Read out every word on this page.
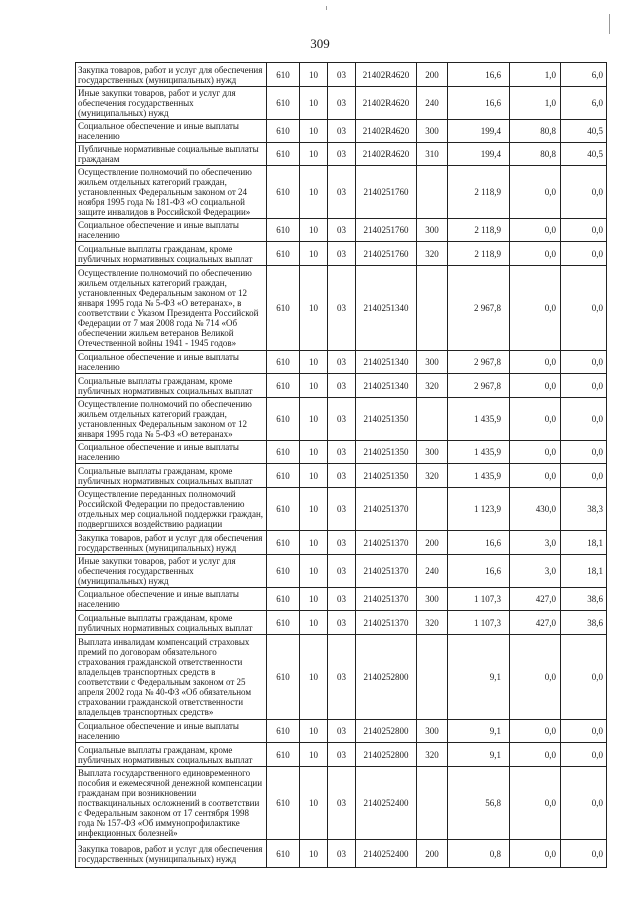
309
Закупка товаров, работ и услуг для обеспечения государственных (муниципальных) нужд	610	10	03	21402R4620	200	16,6	1,0	6,0
Иные закупки товаров, работ и услуг для обеспечения государственных (муниципальных) нужд	610	10	03	21402R4620	240	16,6	1,0	6,0
Социальное обеспечение и иные выплаты населению	610	10	03	21402R4620	300	199,4	80,8	40,5
Публичные нормативные социальные выплаты гражданам	610	10	03	21402R4620	310	199,4	80,8	40,5
Осуществление полномочий по обеспечению жильем отдельных категорий граждан, установленных Федеральным законом от 24 ноября 1995 года № 181-ФЗ «О социальной защите инвалидов в Российской Федерации»	610	10	03	2140251760		2 118,9	0,0	0,0
Социальное обеспечение и иные выплаты населению	610	10	03	2140251760	300	2 118,9	0,0	0,0
Социальные выплаты гражданам, кроме публичных нормативных социальных выплат	610	10	03	2140251760	320	2 118,9	0,0	0,0
Осуществление полномочий по обеспечению жильем отдельных категорий граждан, установленных Федеральным законом от 12 января 1995 года № 5-ФЗ «О ветеранах», в соответствии с Указом Президента Российской Федерации от 7 мая 2008 года № 714 «Об обеспечении жильем ветеранов Великой Отечественной войны 1941 - 1945 годов»	610	10	03	2140251340		2 967,8	0,0	0,0
Социальное обеспечение и иные выплаты населению	610	10	03	2140251340	300	2 967,8	0,0	0,0
Социальные выплаты гражданам, кроме публичных нормативных социальных выплат	610	10	03	2140251340	320	2 967,8	0,0	0,0
Осуществление полномочий по обеспечению жильем отдельных категорий граждан, установленных Федеральным законом от 12 января 1995 года № 5-ФЗ «О ветеранах»	610	10	03	2140251350		1 435,9	0,0	0,0
Социальное обеспечение и иные выплаты населению	610	10	03	2140251350	300	1 435,9	0,0	0,0
Социальные выплаты гражданам, кроме публичных нормативных социальных выплат	610	10	03	2140251350	320	1 435,9	0,0	0,0
Осуществление переданных полномочий Российской Федерации по предоставлению отдельных мер социальной поддержки граждан, подвергшихся воздействию радиации	610	10	03	2140251370		1 123,9	430,0	38,3
Закупка товаров, работ и услуг для обеспечения государственных (муниципальных) нужд	610	10	03	2140251370	200	16,6	3,0	18,1
Иные закупки товаров, работ и услуг для обеспечения государственных (муниципальных) нужд	610	10	03	2140251370	240	16,6	3,0	18,1
Социальное обеспечение и иные выплаты населению	610	10	03	2140251370	300	1 107,3	427,0	38,6
Социальные выплаты гражданам, кроме публичных нормативных социальных выплат	610	10	03	2140251370	320	1 107,3	427,0	38,6
Выплата инвалидам компенсаций страховых премий по договорам обязательного страхования гражданской ответственности владельцев транспортных средств в соответствии с Федеральным законом от 25 апреля 2002 года № 40-ФЗ «Об обязательном страховании гражданской ответственности владельцев транспортных средств»	610	10	03	2140252800		9,1	0,0	0,0
Социальное обеспечение и иные выплаты населению	610	10	03	2140252800	300	9,1	0,0	0,0
Социальные выплаты гражданам, кроме публичных нормативных социальных выплат	610	10	03	2140252800	320	9,1	0,0	0,0
Выплата государственного единовременного пособия и ежемесячной денежной компенсации гражданам при возникновении поствакцинальных осложнений в соответствии с Федеральным законом от 17 сентября 1998 года № 157-ФЗ «Об иммунопрофилактике инфекционных болезней»	610	10	03	2140252400		56,8	0,0	0,0
Закупка товаров, работ и услуг для обеспечения государственных (муниципальных) нужд	610	10	03	2140252400	200	0,8	0,0	0,0
